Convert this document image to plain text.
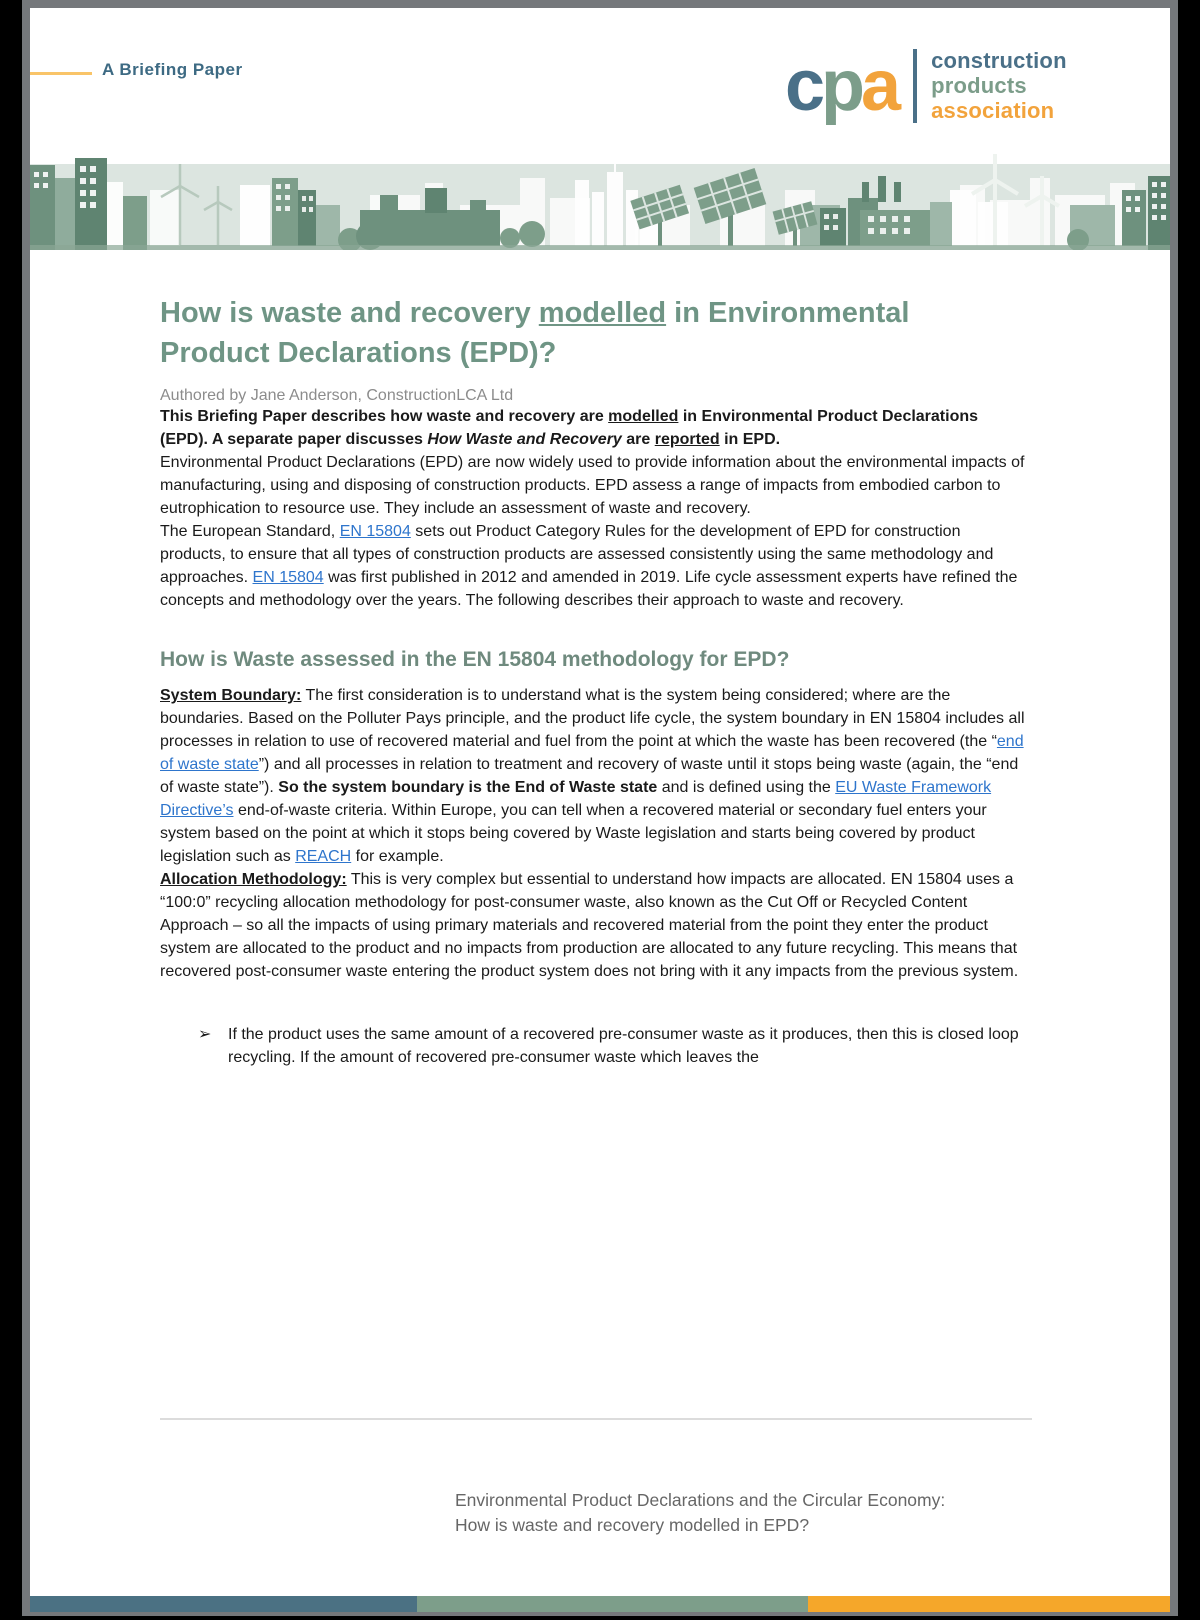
A Briefing Paper	cpa construction
products
association
How is waste and recovery modelled in Environmental Product Declarations (EPD)?

Authored by Jane Anderson, ConstructionLCA Ltd

This Briefing Paper describes how waste and recovery are modelled in Environmental Product Declarations (EPD). A separate paper discusses How Waste and Recovery are reported in EPD.

Environmental Product Declarations (EPD) are now widely used to provide information about the environmental impacts of manufacturing, using and disposing of construction products. EPD assess a range of impacts from embodied carbon to eutrophication to resource use. They include an assessment of waste and recovery.

The European Standard, EN 15804 sets out Product Category Rules for the development of EPD for construction products, to ensure that all types of construction products are assessed consistently using the same methodology and approaches. EN 15804 was first published in 2012 and amended in 2019. Life cycle assessment experts have refined the concepts and methodology over the years. The following describes their approach to waste and recovery.

How is Waste assessed in the EN 15804 methodology for EPD?

System Boundary: The first consideration is to understand what is the system being considered; where are the boundaries. Based on the Polluter Pays principle, and the product life cycle, the system boundary in EN 15804 includes all processes in relation to use of recovered material and fuel from the point at which the waste has been recovered (the “end of waste state”) and all processes in relation to treatment and recovery of waste until it stops being waste (again, the “end of waste state”). So the system boundary is the End of Waste state and is defined using the EU Waste Framework Directive’s end-of-waste criteria. Within Europe, you can tell when a recovered material or secondary fuel enters your system based on the point at which it stops being covered by Waste legislation and starts being covered by product legislation such as REACH for example.

Allocation Methodology: This is very complex but essential to understand how impacts are allocated. EN 15804 uses a “100:0” recycling allocation methodology for post-consumer waste, also known as the Cut Off or Recycled Content Approach – so all the impacts of using primary materials and recovered material from the point they enter the product system are allocated to the product and no impacts from production are allocated to any future recycling. This means that recovered post-consumer waste entering the product system does not bring with it any impacts from the previous system.

➢	If the product uses the same amount of a recovered pre-consumer waste as it produces, then this is closed loop recycling. If the amount of recovered pre-consumer waste which leaves the
Environmental Product Declarations and the Circular Economy:
How is waste and recovery modelled in EPD?
